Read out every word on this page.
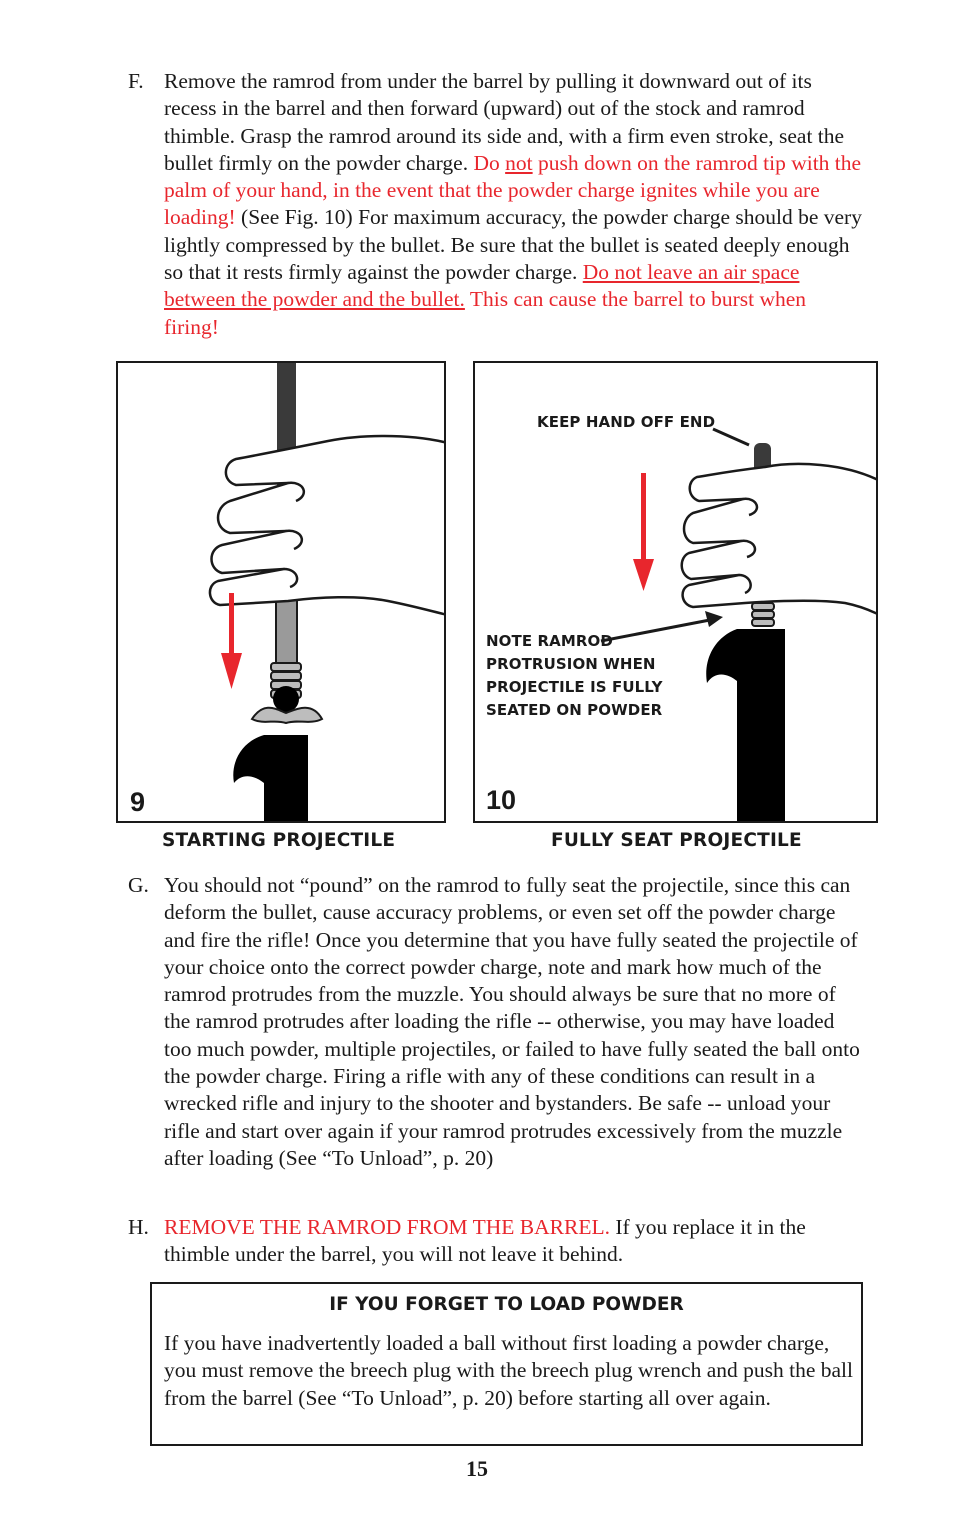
F. Remove the ramrod from under the barrel by pulling it downward out of its recess in the barrel and then forward (upward) out of the stock and ramrod thimble. Grasp the ramrod around its side and, with a firm even stroke, seat the bullet firmly on the powder charge. Do not push down on the ramrod tip with the palm of your hand, in the event that the powder charge ignites while you are loading! (See Fig. 10) For maximum accuracy, the powder charge should be very lightly compressed by the bullet. Be sure that the bullet is seated deeply enough so that it rests firmly against the powder charge. Do not leave an air space between the powder and the bullet. This can cause the barrel to burst when firing!
9
STARTING PROJECTILE
KEEP HAND OFF END
NOTE RAMROD
PROTRUSION WHEN
PROJECTILE IS FULLY
SEATED ON POWDER
10
FULLY SEAT PROJECTILE
G. You should not “pound” on the ramrod to fully seat the projectile, since this can deform the bullet, cause accuracy problems, or even set off the powder charge and fire the rifle! Once you determine that you have fully seated the projectile of your choice onto the correct powder charge, note and mark how much of the ramrod protrudes from the muzzle. You should always be sure that no more of the ramrod protrudes after loading the rifle -- otherwise, you may have loaded too much powder, multiple projectiles, or failed to have fully seated the ball onto the powder charge. Firing a rifle with any of these conditions can result in a wrecked rifle and injury to the shooter and bystanders. Be safe -- unload your rifle and start over again if your ramrod protrudes excessively from the muzzle after loading (See “To Unload”, p. 20)
H. REMOVE THE RAMROD FROM THE BARREL. If you replace it in the thimble under the barrel, you will not leave it behind.
IF YOU FORGET TO LOAD POWDER
If you have inadvertently loaded a ball without first loading a powder charge, you must remove the breech plug with the breech plug wrench and push the ball from the barrel (See “To Unload”, p. 20) before starting all over again.
15
